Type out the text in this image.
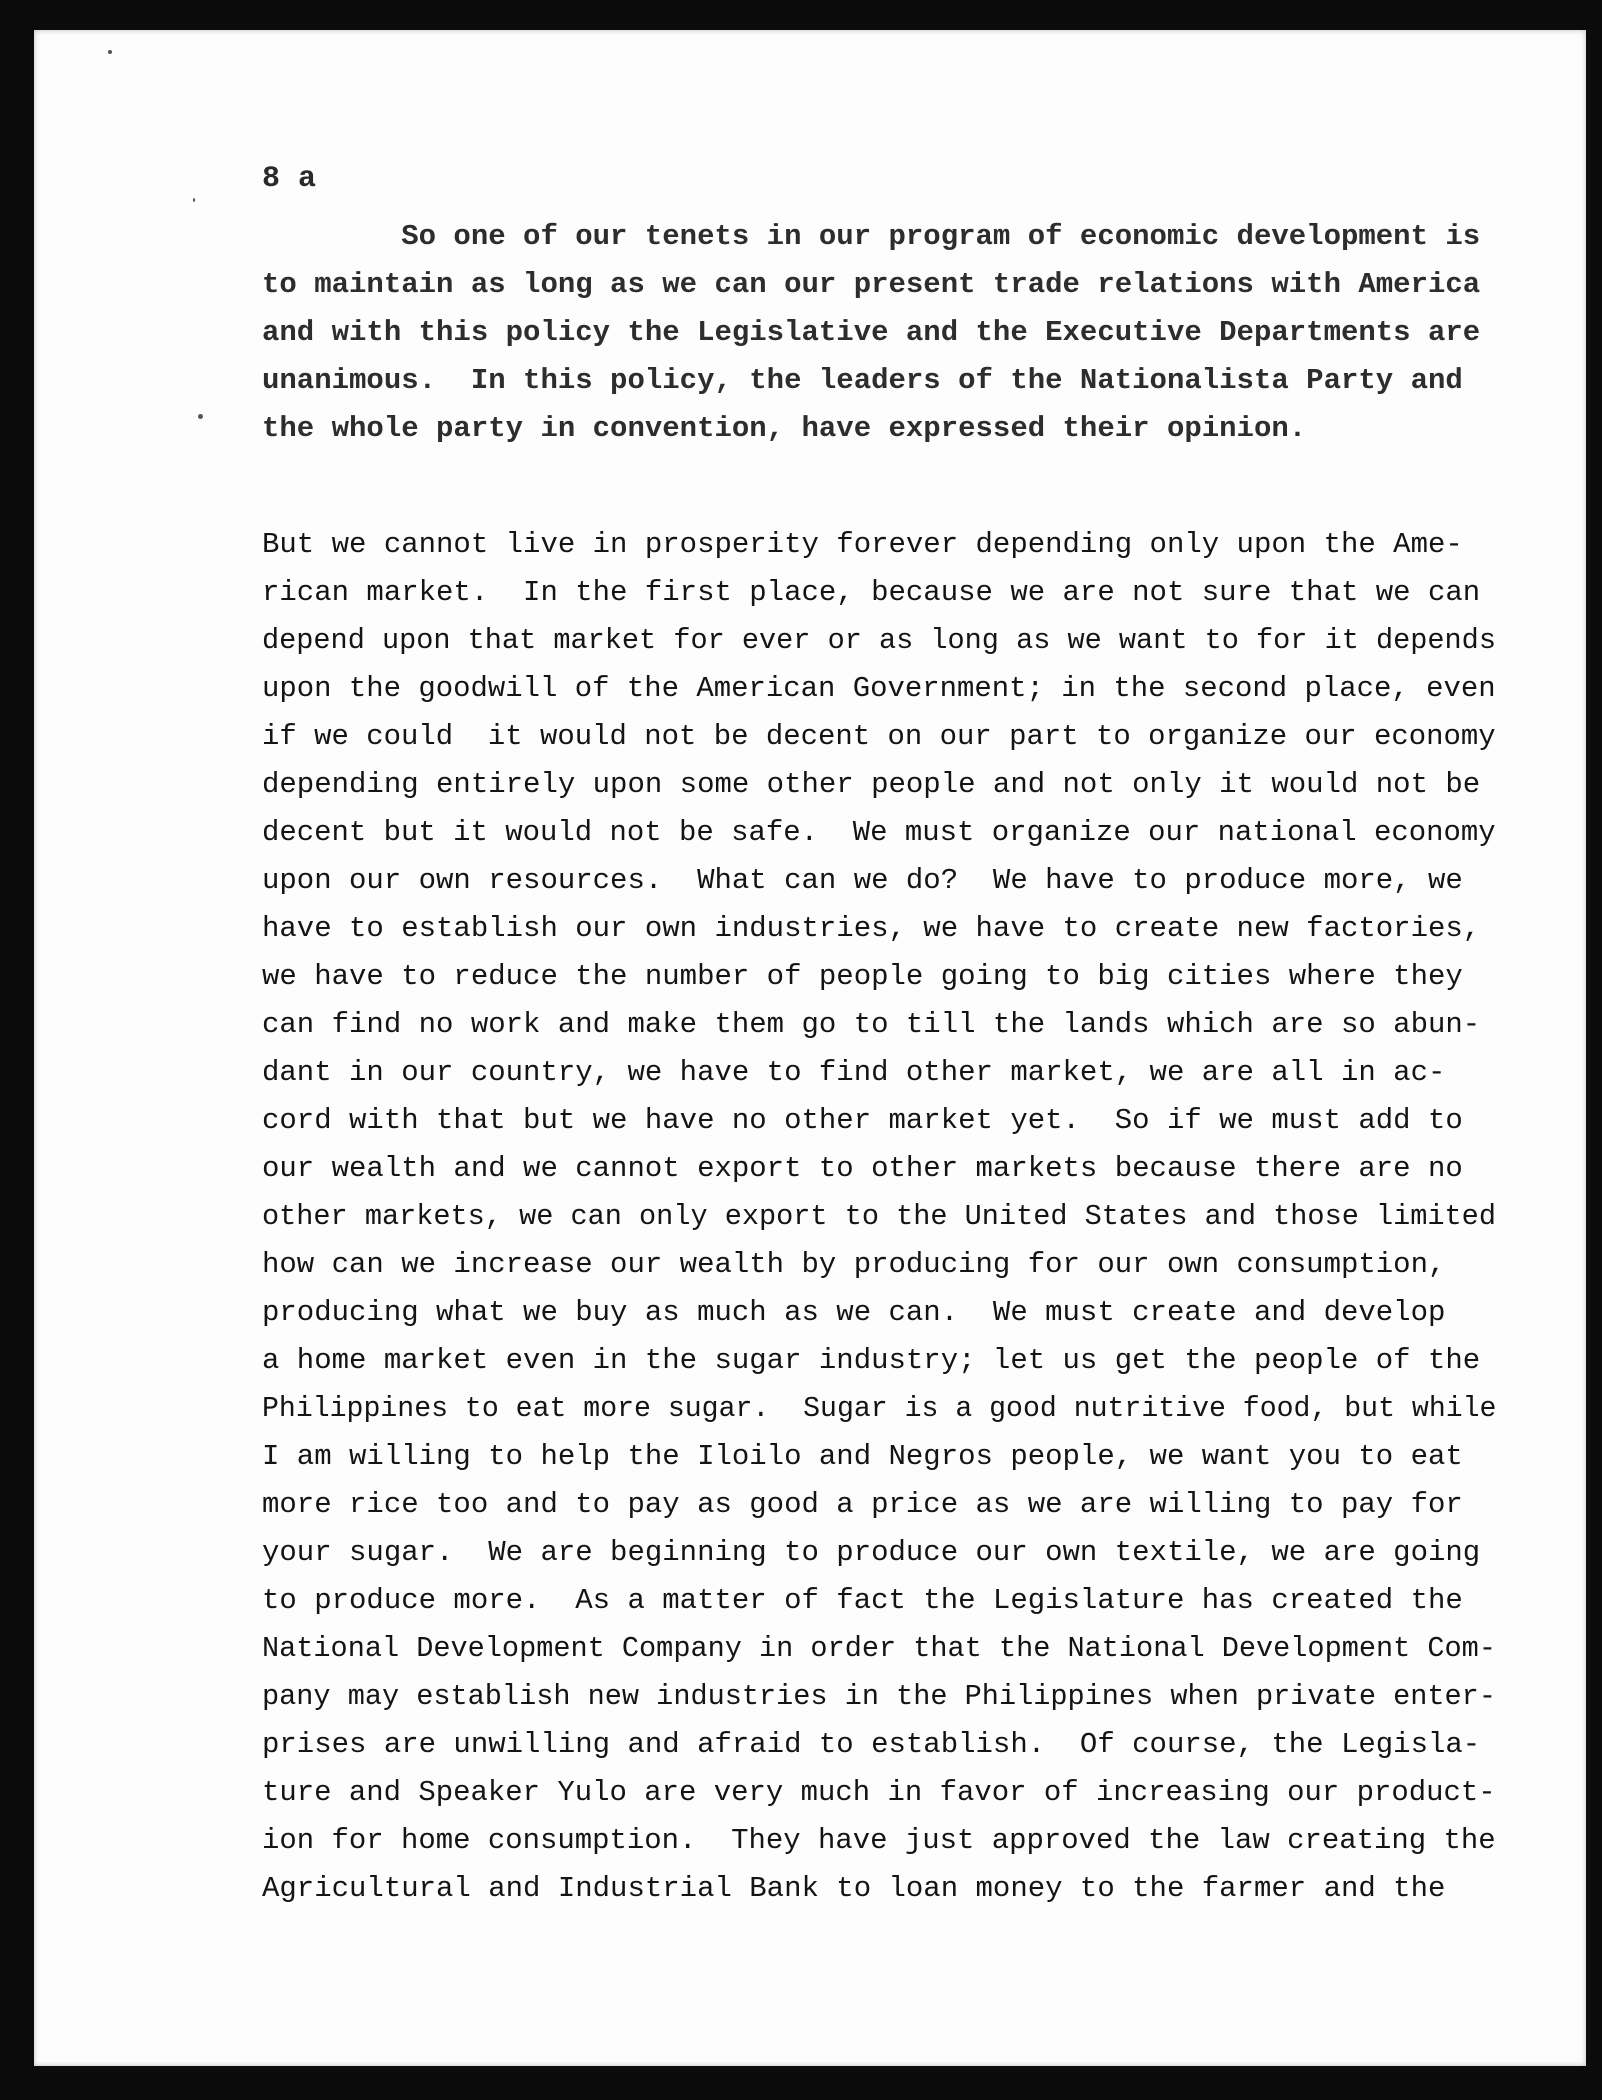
8 a
So one of our tenets in our program of economic development is
to maintain as long as we can our present trade relations with America
and with this policy the Legislative and the Executive Departments are
unanimous.  In this policy, the leaders of the Nationalista Party and
the whole party in convention, have expressed their opinion.
But we cannot live in prosperity forever depending only upon the Ame-
rican market.  In the first place, because we are not sure that we can
depend upon that market for ever or as long as we want to for it depends
upon the goodwill of the American Government; in the second place, even
if we could  it would not be decent on our part to organize our economy
depending entirely upon some other people and not only it would not be
decent but it would not be safe.  We must organize our national economy
upon our own resources.  What can we do?  We have to produce more, we
have to establish our own industries, we have to create new factories,
we have to reduce the number of people going to big cities where they
can find no work and make them go to till the lands which are so abun-
dant in our country, we have to find other market, we are all in ac-
cord with that but we have no other market yet.  So if we must add to
our wealth and we cannot export to other markets because there are no
other markets, we can only export to the United States and those limited
how can we increase our wealth by producing for our own consumption,
producing what we buy as much as we can.  We must create and develop
a home market even in the sugar industry; let us get the people of the
Philippines to eat more sugar.  Sugar is a good nutritive food, but while
I am willing to help the Iloilo and Negros people, we want you to eat
more rice too and to pay as good a price as we are willing to pay for
your sugar.  We are beginning to produce our own textile, we are going
to produce more.  As a matter of fact the Legislature has created the
National Development Company in order that the National Development Com-
pany may establish new industries in the Philippines when private enter-
prises are unwilling and afraid to establish.  Of course, the Legisla-
ture and Speaker Yulo are very much in favor of increasing our product-
ion for home consumption.  They have just approved the law creating the
Agricultural and Industrial Bank to loan money to the farmer and the
